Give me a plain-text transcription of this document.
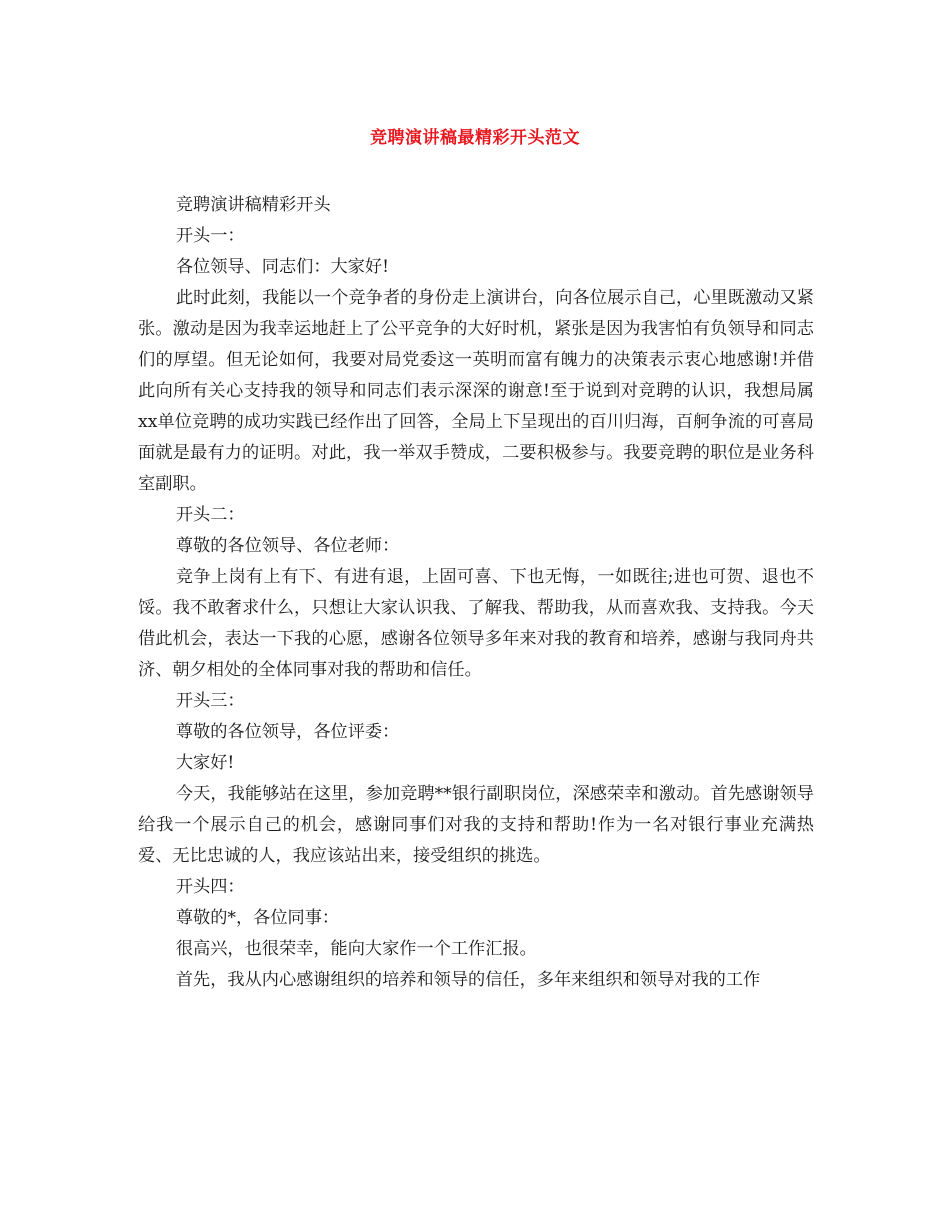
竞聘演讲稿最精彩开头范文

竞聘演讲稿精彩开头

开头一：

各位领导、同志们：大家好!

此时此刻，我能以一个竞争者的身份走上演讲台，向各位展示自己，心里既激动又紧张。激动是因为我幸运地赶上了公平竞争的大好时机，紧张是因为我害怕有负领导和同志们的厚望。但无论如何，我要对局党委这一英明而富有魄力的决策表示衷心地感谢!并借此向所有关心支持我的领导和同志们表示深深的谢意!至于说到对竞聘的认识，我想局属xx单位竞聘的成功实践已经作出了回答，全局上下呈现出的百川归海，百舸争流的可喜局面就是最有力的证明。对此，我一举双手赞成，二要积极参与。我要竞聘的职位是业务科室副职。

开头二：

尊敬的各位领导、各位老师：

竞争上岗有上有下、有进有退，上固可喜、下也无悔，一如既往;进也可贺、退也不馁。我不敢奢求什么，只想让大家认识我、了解我、帮助我，从而喜欢我、支持我。今天借此机会，表达一下我的心愿，感谢各位领导多年来对我的教育和培养，感谢与我同舟共济、朝夕相处的全体同事对我的帮助和信任。

开头三：

尊敬的各位领导，各位评委：

大家好!

今天，我能够站在这里，参加竞聘**银行副职岗位，深感荣幸和激动。首先感谢领导给我一个展示自己的机会，感谢同事们对我的支持和帮助!作为一名对银行事业充满热爱、无比忠诚的人，我应该站出来，接受组织的挑选。

开头四：

尊敬的*，各位同事：

很高兴，也很荣幸，能向大家作一个工作汇报。

首先，我从内心感谢组织的培养和领导的信任，多年来组织和领导对我的工作
